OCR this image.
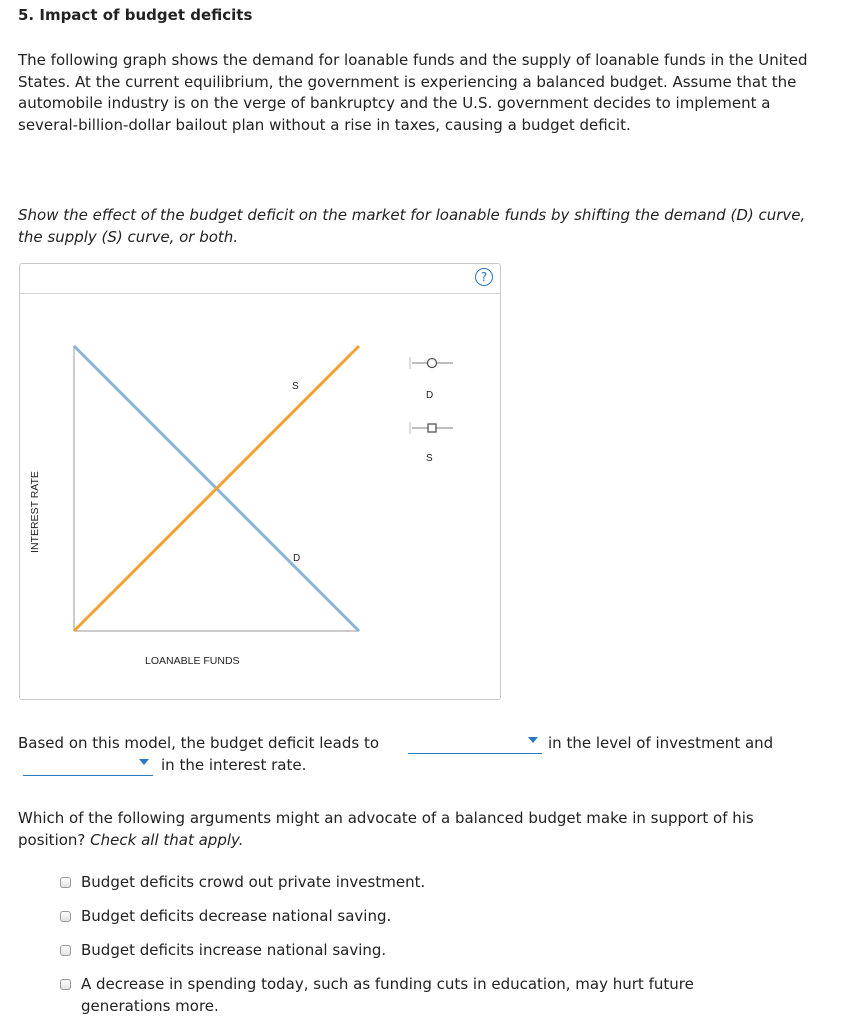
5. Impact of budget deficits
The following graph shows the demand for loanable funds and the supply of loanable funds in the United States. At the current equilibrium, the government is experiencing a balanced budget. Assume that the automobile industry is on the verge of bankruptcy and the U.S. government decides to implement a several-billion-dollar bailout plan without a rise in taxes, causing a budget deficit.
Show the effect of the budget deficit on the market for loanable funds by shifting the demand (D) curve, the supply (S) curve, or both.
?
INTEREST RATE
LOANABLE FUNDS
S
D
D
S
Based on this model, the budget deficit leads to	in the level of investment and
in the interest rate.
Which of the following arguments might an advocate of a balanced budget make in support of his position? Check all that apply.
Budget deficits crowd out private investment.
Budget deficits decrease national saving.
Budget deficits increase national saving.
A decrease in spending today, such as funding cuts in education, may hurt future generations more.
